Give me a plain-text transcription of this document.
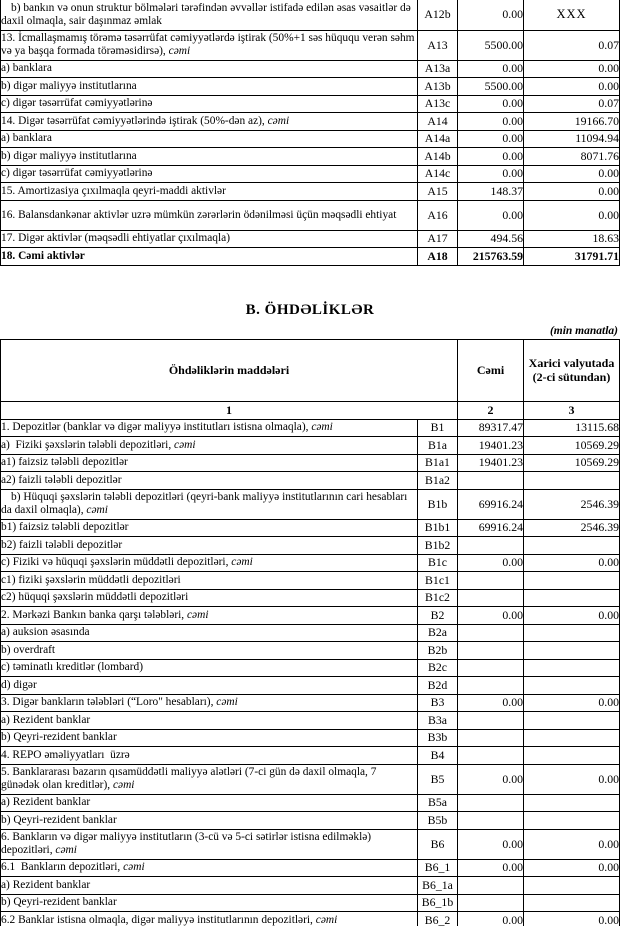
b) bankın və onun struktur bölmələri tərəfindən əvvəllər istifadə edilən əsas vəsaitlər də daxil olmaqla, sair daşınmaz əmlak	A12b	0.00	XXX
13. İcmallaşmamış törəmə təsərrüfat cəmiyyətlərdə iştirak (50%+1 səs hüququ verən səhm və ya başqa formada törəməsidirsə), cəmi	A13	5500.00	0.07
a) banklara	A13a	0.00	0.00
b) digər maliyyə institutlarına	A13b	5500.00	0.00
c) digər təsərrüfat cəmiyyətlərinə	A13c	0.00	0.07
14. Digər təsərrüfat cəmiyyətlərində iştirak (50%-dən az), cəmi	A14	0.00	19166.70
a) banklara	A14a	0.00	11094.94
b) digər maliyyə institutlarına	A14b	0.00	8071.76
c) digər təsərrüfat cəmiyyətlərinə	A14c	0.00	0.00
15. Amortizasiya çıxılmaqla qeyri-maddi aktivlər	A15	148.37	0.00
16. Balansdankənar aktivlər uzrə mümkün zərərlərin ödənilməsi üçün məqsədli ehtiyat	A16	0.00	0.00
17. Digər aktivlər (məqsədli ehtiyatlar çıxılmaqla)	A17	494.56	18.63
18. Cəmi aktivlər	A18	215763.59	31791.71
B. ÖHDƏLİKLƏR
(min manatla)
Öhdəliklərin maddələri		Cəmi	Xarici valyutada (2-ci sütundan)
1		2	3
1. Depozitlər (banklar və digər maliyyə institutları istisna olmaqla), cəmi	B1	89317.47	13115.68
a)  Fiziki şəxslərin tələbli depozitləri, cəmi	B1a	19401.23	10569.29
a1) faizsiz tələbli depozitlər	B1a1	19401.23	10569.29
a2) faizli tələbli depozitlər	B1a2		
b) Hüquqi şəxslərin tələbli depozitləri (qeyri-bank maliyyə institutlarının cari hesabları da daxil olmaqla), cəmi	B1b	69916.24	2546.39
b1) faizsiz tələbli depozitlər	B1b1	69916.24	2546.39
b2) faizli tələbli depozitlər	B1b2		
c) Fiziki və hüquqi şəxslərin müddətli depozitləri, cəmi	B1c	0.00	0.00
c1) fiziki şəxslərin müddətli depozitləri	B1c1		
c2) hüquqi şəxslərin müddətli depozitləri	B1c2		
2. Mərkəzi Bankın banka qarşı tələbləri, cəmi	B2	0.00	0.00
a) auksion əsasında	B2a		
b) overdraft	B2b		
c) təminatlı kreditlər (lombard)	B2c		
d) digər	B2d		
3. Digər bankların tələbləri (“Loro" hesabları), cəmi	B3	0.00	0.00
a) Rezident banklar	B3a		
b) Qeyri-rezident banklar	B3b		
4. REPO əməliyyatları  üzrə	B4		
5. Banklararası bazarın qısamüddətli maliyyə alətləri (7-ci gün də daxil olmaqla, 7 günədək olan kreditlər), cəmi	B5	0.00	0.00
a) Rezident banklar	B5a		
b) Qeyri-rezident banklar	B5b		
6. Bankların və digər maliyyə institutların (3-cü və 5-ci sətirlər istisna edilməklə) depozitləri, cəmi	B6	0.00	0.00
6.1  Bankların depozitləri, cəmi	B6_1	0.00	0.00
a) Rezident banklar	B6_1a		
b) Qeyri-rezident banklar	B6_1b		
6.2 Banklar istisna olmaqla, digər maliyyə institutlarının depozitləri, cəmi	B6_2	0.00	0.00
